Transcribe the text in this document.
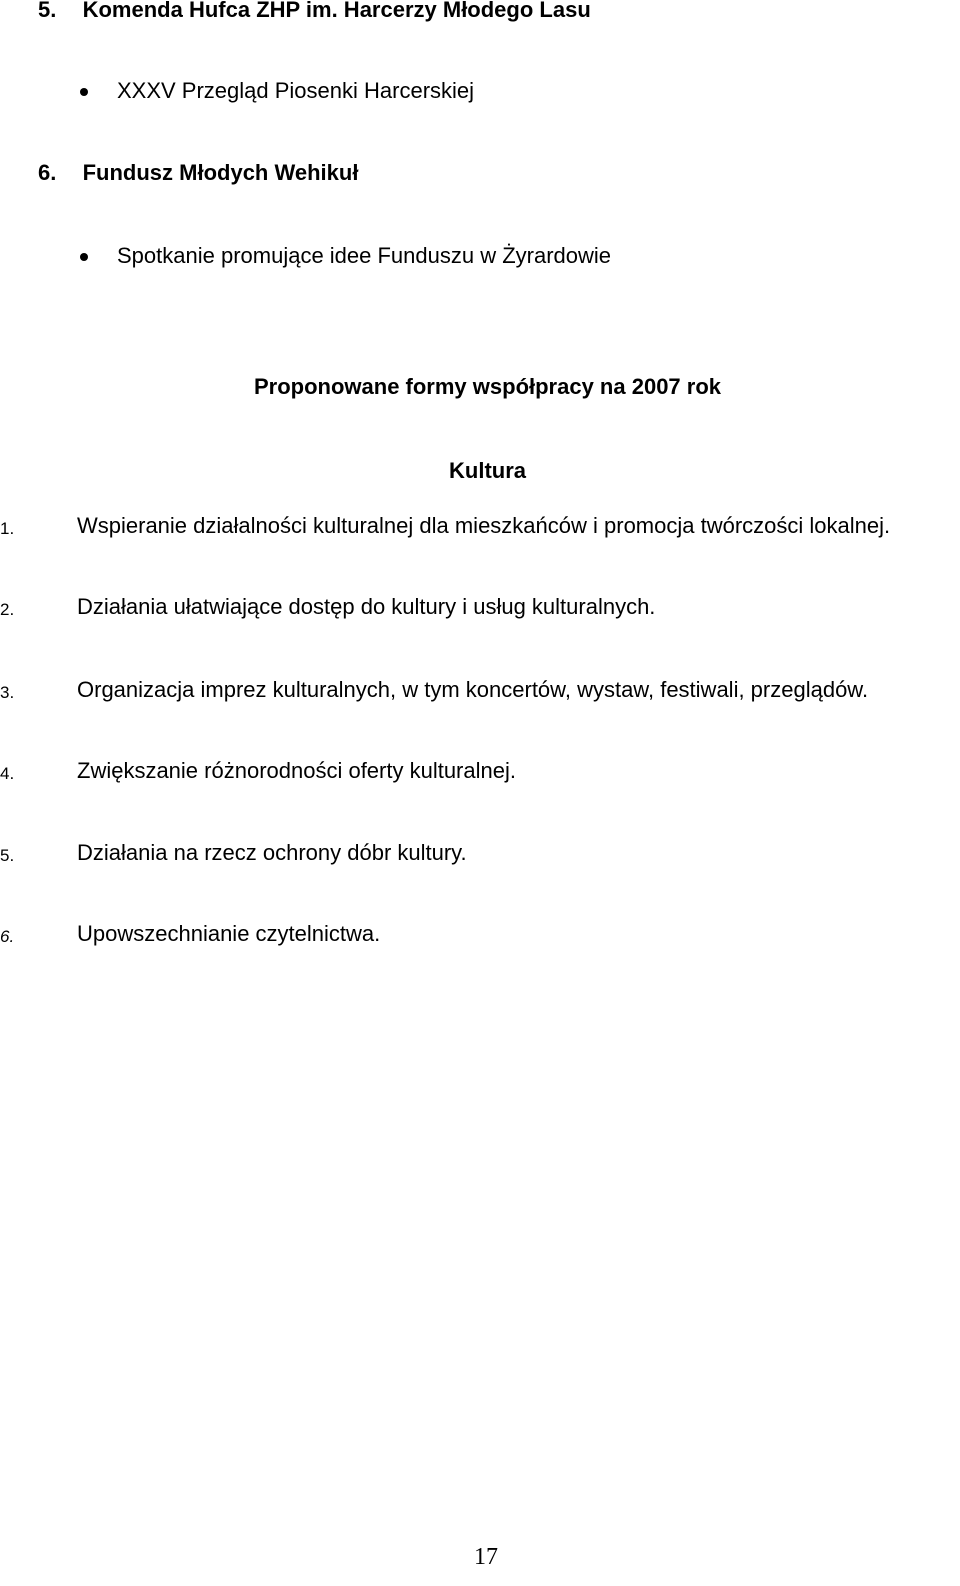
5. Komenda Hufca ZHP im. Harcerzy Młodego Lasu
XXXV Przegląd Piosenki Harcerskiej
6. Fundusz Młodych Wehikuł
Spotkanie promujące idee Funduszu w Żyrardowie
Proponowane formy współpracy na 2007 rok
Kultura
1.	Wspieranie działalności kulturalnej dla mieszkańców i promocja twórczości lokalnej.
2.	Działania ułatwiające dostęp do kultury i usług kulturalnych.
3.	Organizacja imprez kulturalnych, w tym koncertów, wystaw, festiwali, przeglądów.
4.	Zwiększanie różnorodności oferty kulturalnej.
5.	Działania na rzecz ochrony dóbr kultury.
6.	Upowszechnianie czytelnictwa.
17
